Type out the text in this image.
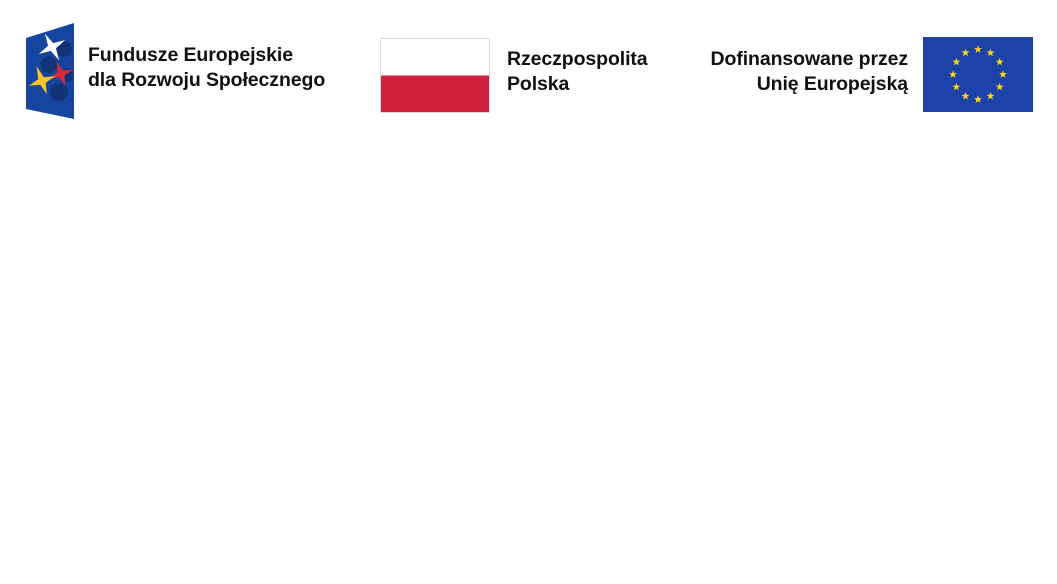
Fundusze Europejskie
dla Rozwoju Społecznego
Rzeczpospolita
Polska
Dofinansowane przez
Unię Europejską
